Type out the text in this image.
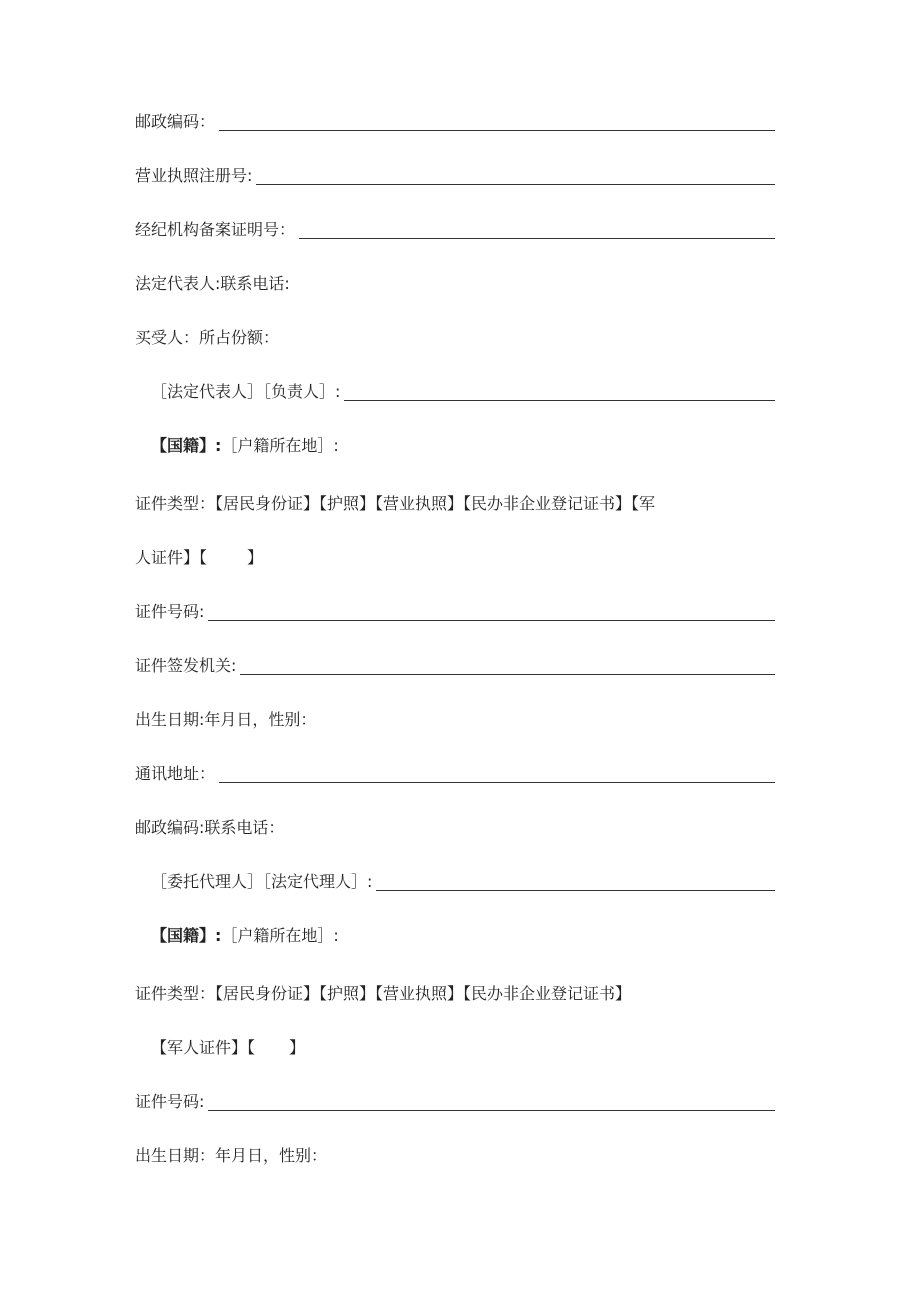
邮政编码：
营业执照注册号:
经纪机构备案证明号：
法定代表人:联系电话:
买受人：所占份额：
［法定代表人］［负责人］:
【国籍】: ［户籍所在地］:
证件类型：【居民身份证】【护照】【营业执照】【民办非企业登记证书】【军
人证件】【	】
证件号码:
证件签发机关:
出生日期:年月日，性别：
通讯地址：
邮政编码:联系电话：
［委托代理人］［法定代理人］:
【国籍】: ［户籍所在地］:
证件类型：【居民身份证】【护照】【营业执照】【民办非企业登记证书】
【军人证件】【 】
证件号码:
出生日期：年月日，性别：
